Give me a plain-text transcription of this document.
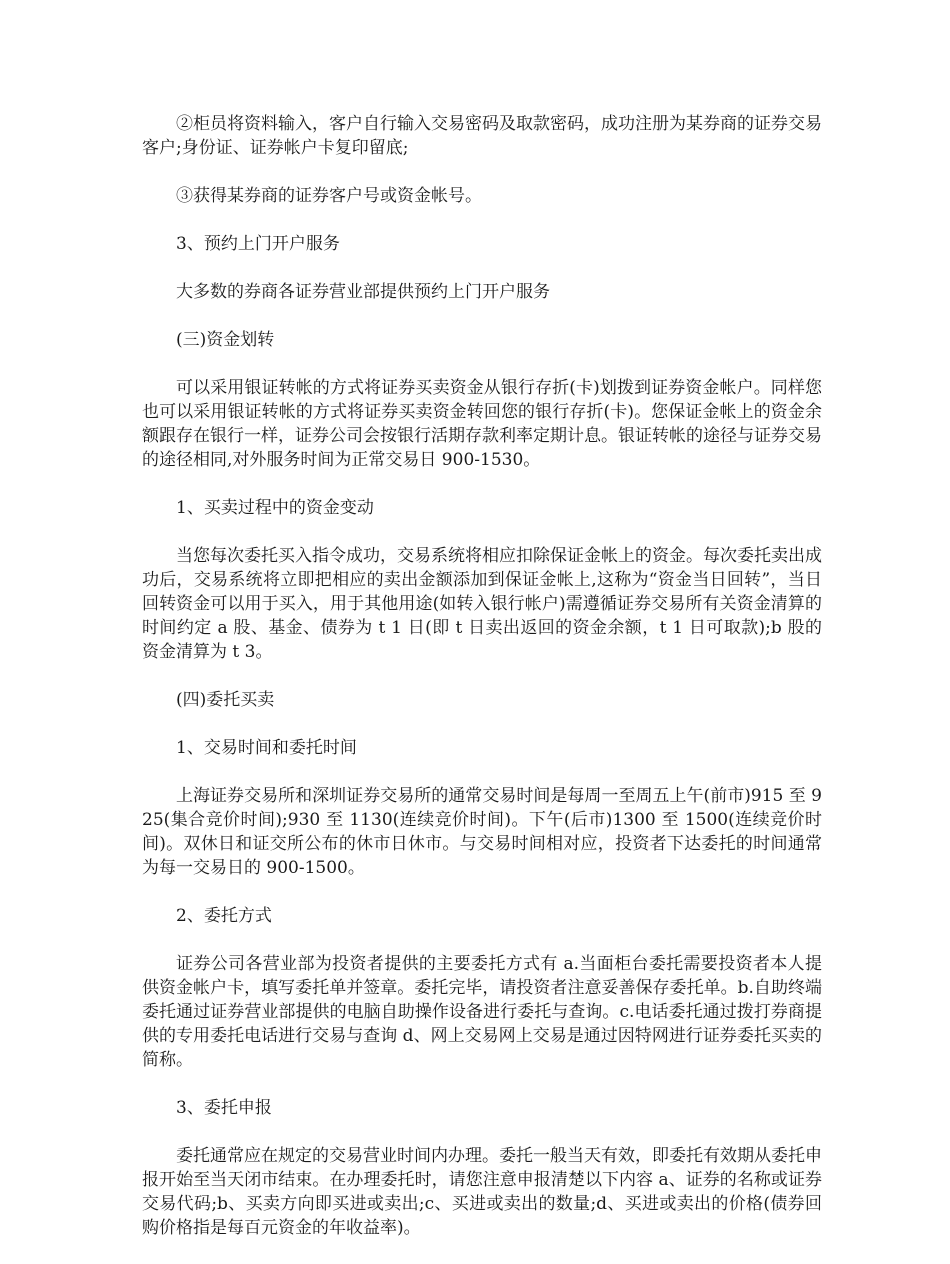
②柜员将资料输入，客户自行输入交易密码及取款密码，成功注册为某券商的证券交易客户;身份证、证券帐户卡复印留底;

③获得某券商的证券客户号或资金帐号。

3、预约上门开户服务

大多数的券商各证券营业部提供预约上门开户服务

(三)资金划转

可以采用银证转帐的方式将证券买卖资金从银行存折(卡)划拨到证券资金帐户。同样您也可以采用银证转帐的方式将证券买卖资金转回您的银行存折(卡)。您保证金帐上的资金余额跟存在银行一样，证券公司会按银行活期存款利率定期计息。银证转帐的途径与证券交易的途径相同,对外服务时间为正常交易日 900-1530。

1、买卖过程中的资金变动

当您每次委托买入指令成功，交易系统将相应扣除保证金帐上的资金。每次委托卖出成功后，交易系统将立即把相应的卖出金额添加到保证金帐上,这称为“资金当日回转”，当日回转资金可以用于买入，用于其他用途(如转入银行帐户)需遵循证券交易所有关资金清算的时间约定 a 股、基金、债券为 t 1 日(即 t 日卖出返回的资金余额，t 1 日可取款);b 股的资金清算为 t 3。

(四)委托买卖

1、交易时间和委托时间

上海证券交易所和深圳证券交易所的通常交易时间是每周一至周五上午(前市)915 至 925(集合竞价时间);930 至 1130(连续竞价时间)。下午(后市)1300 至 1500(连续竞价时间)。双休日和证交所公布的休市日休市。与交易时间相对应，投资者下达委托的时间通常为每一交易日的 900-1500。

2、委托方式

证券公司各营业部为投资者提供的主要委托方式有 a.当面柜台委托需要投资者本人提供资金帐户卡，填写委托单并签章。委托完毕，请投资者注意妥善保存委托单。b.自助终端委托通过证券营业部提供的电脑自助操作设备进行委托与查询。c.电话委托通过拨打券商提供的专用委托电话进行交易与查询 d、网上交易网上交易是通过因特网进行证券委托买卖的简称。

3、委托申报

委托通常应在规定的交易营业时间内办理。委托一般当天有效，即委托有效期从委托申报开始至当天闭市结束。在办理委托时，请您注意申报清楚以下内容 a、证券的名称或证券交易代码;b、买卖方向即买进或卖出;c、买进或卖出的数量;d、买进或卖出的价格(债券回购价格指是每百元资金的年收益率)。
